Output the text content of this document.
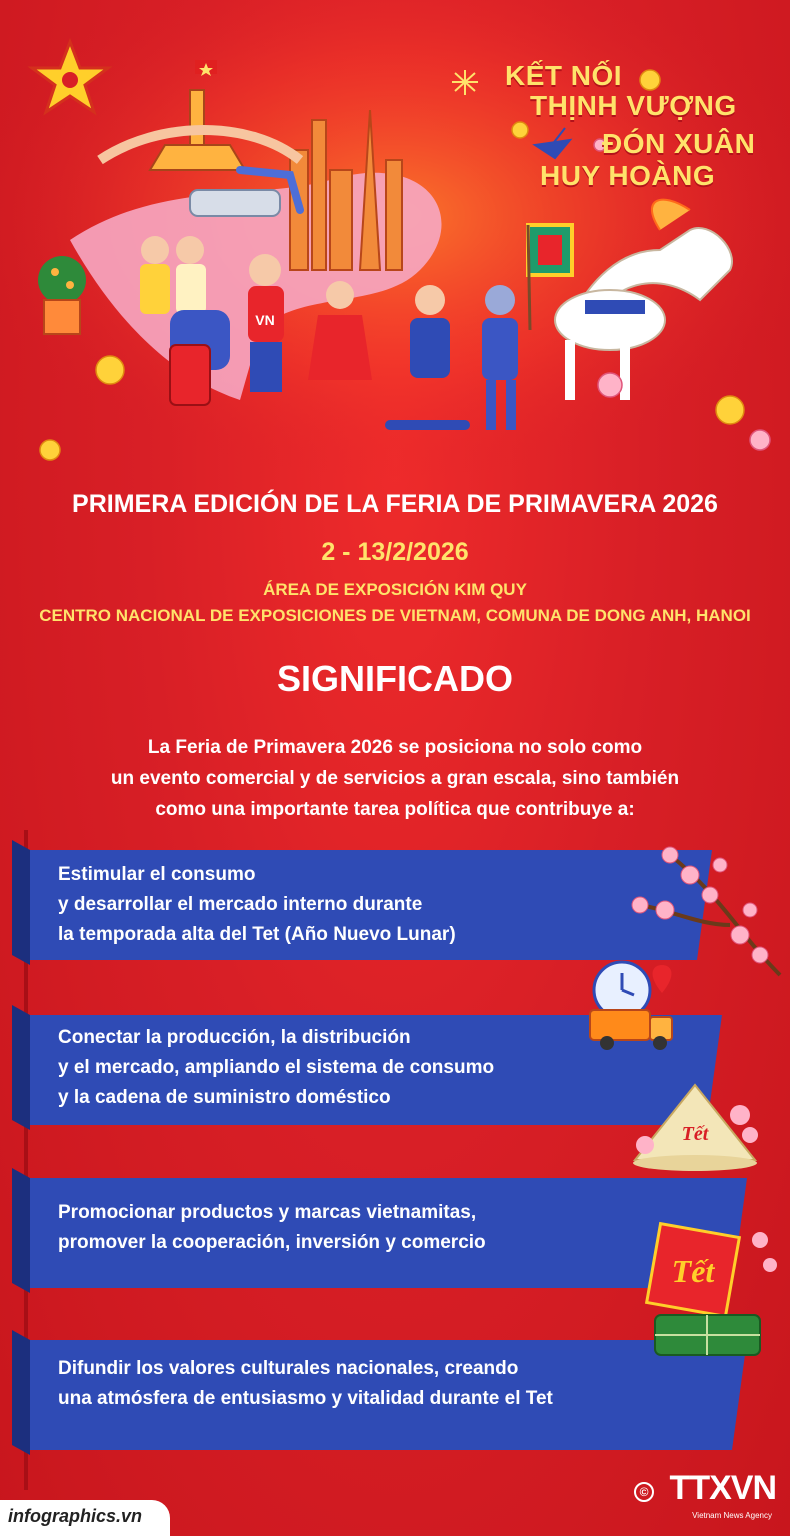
VN
KẾT NỐI
THỊNH VƯỢNG
ĐÓN XUÂN
HUY HOÀNG
PRIMERA EDICIÓN DE LA FERIA DE PRIMAVERA 2026
2 - 13/2/2026
ÁREA DE EXPOSICIÓN KIM QUY
CENTRO NACIONAL DE EXPOSICIONES DE VIETNAM, COMUNA DE DONG ANH, HANOI
SIGNIFICADO
La Feria de Primavera 2026 se posiciona no solo como
un evento comercial y de servicios a gran escala, sino también
como una importante tarea política que contribuye a:
Estimular el consumo
y desarrollar el mercado interno durante
la temporada alta del Tet (Año Nuevo Lunar)
Conectar la producción, la distribución
y el mercado, ampliando el sistema de consumo
y la cadena de suministro doméstico
Promocionar productos y marcas vietnamitas,
promover la cooperación, inversión y comercio
Difundir los valores culturales nacionales, creando
una atmósfera de entusiasmo y vitalidad durante el Tet
Tết
Tết
infographics.vn
© TTXVN
Vietnam News Agency
